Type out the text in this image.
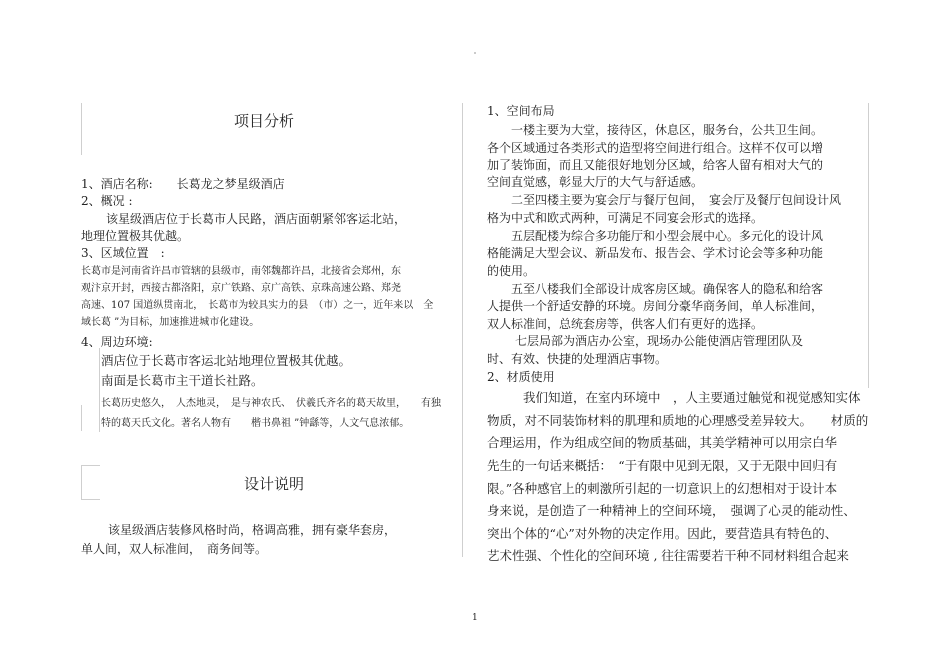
项目分析
1、酒店名称:　　长葛龙之梦星级酒店
2、概况 :
该星级酒店位于长葛市人民路，酒店面朝紧邻客运北站，
地理位置极其优越。
3、区域位置　:
长葛市是河南省许昌市管辖的县级市，南邻魏都许昌，北接省会郑州，东
观汴京开封，西接古都洛阳，京广铁路、京广高铁、京珠高速公路、郑尧
高速、107 国道纵贯南北，　长葛市为较具实力的县　（市）之一，近年来以　全
域长葛 ”为目标，加速推进城市化建设。
4、周边环境:
酒店位于长葛市客运北站地理位置极其优越。
南面是长葛市主干道长社路。
长葛历史悠久，　人杰地灵，　是与神农氏、　伏羲氏齐名的葛天故里，　　有独
特的葛天氏文化。著名人物有　　楷书鼻祖 ”钟繇等，人文气息浓郁。
设计说明
该星级酒店装修风格时尚，格调高雅，拥有豪华套房，
单人间，双人标准间，　商务间等。
1、空间布局
一楼主要为大堂，接待区，休息区，服务台，公共卫生间。
各个区域通过各类形式的造型将空间进行组合。这样不仅可以增
加了装饰面，而且又能很好地划分区域，给客人留有相对大气的
空间直觉感，彰显大厅的大气与舒适感。
二至四楼主要为宴会厅与餐厅包间，　宴会厅及餐厅包间设计风
格为中式和欧式两种，可满足不同宴会形式的选择。
五层配楼为综合多功能厅和小型会展中心。多元化的设计风
格能满足大型会议、新品发布、报告会、学术讨论会等多种功能
的使用。
五至八楼我们全部设计成客房区域。确保客人的隐私和给客
人提供一个舒适安静的环境。房间分豪华商务间，单人标准间，
双人标准间，总统套房等，供客人们有更好的选择。
七层局部为酒店办公室，现场办公能使酒店管理团队及
时、有效、快捷的处理酒店事物。
2、材质使用
我们知道，在室内环境中　，人主要通过触觉和视觉感知实体
物质，对不同装饰材料的肌理和质地的心理感受差异较大。　　材质的
合理运用，作为组成空间的物质基础，其美学精神可以用宗白华
先生的一句话来概括：　“于有限中见到无限，又于无限中回归有
限。”各种感官上的刺激所引起的一切意识上的幻想相对于设计本
身来说，是创造了一种精神上的空间环境，　强调了心灵的能动性、
突出个体的“心”对外物的决定作用。因此，要营造具有特色的、
艺术性强、个性化的空间环境 , 往往需要若干种不同材料组合起来
1
